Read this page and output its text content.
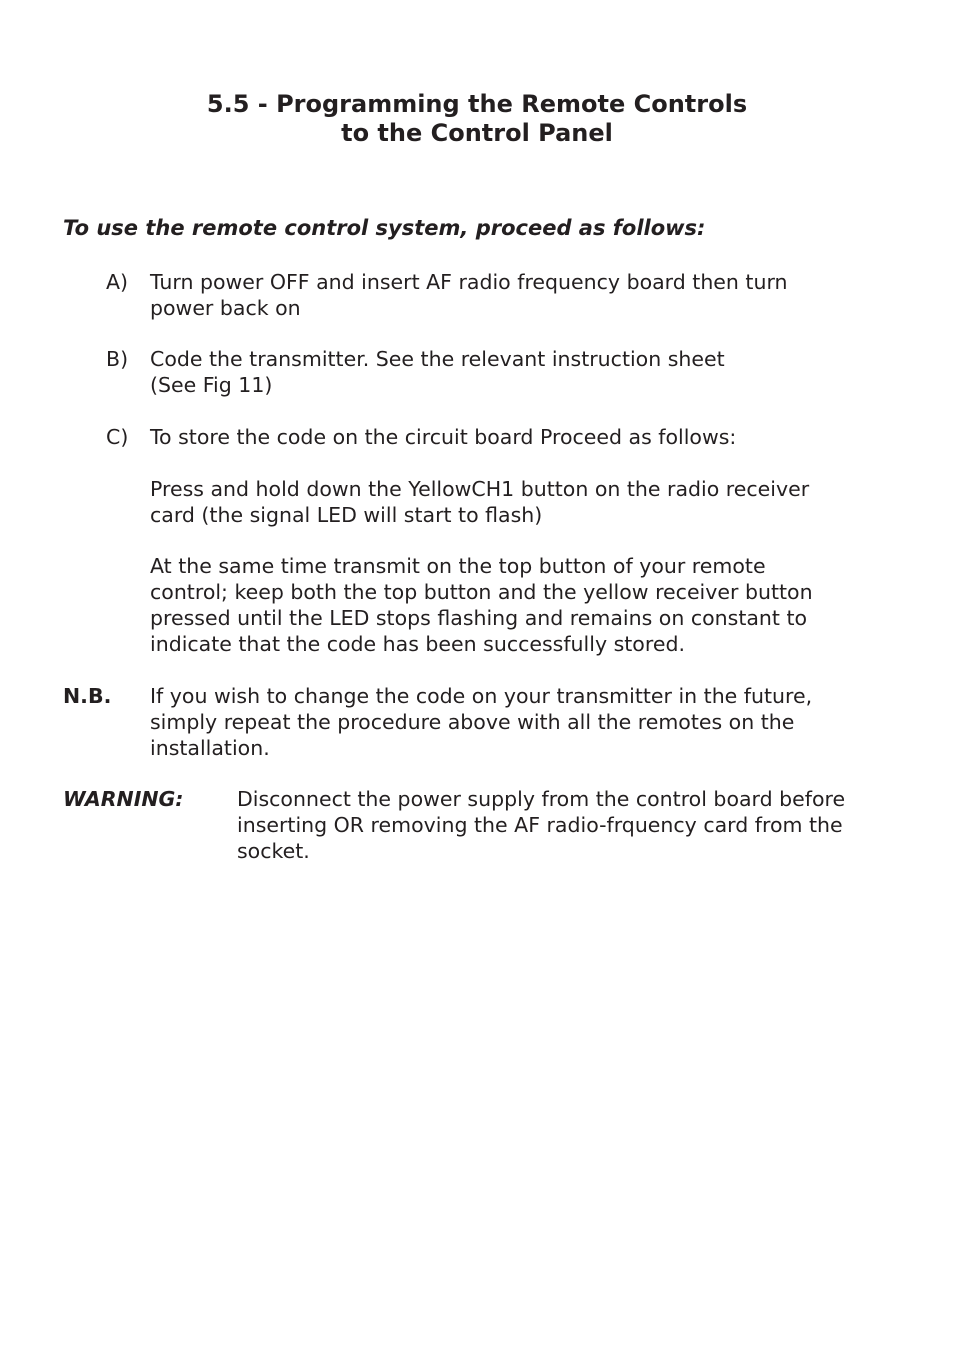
5.5 - Programming the Remote Controls
to the Control Panel

To use the remote control system, proceed as follows:

A) Turn power OFF and insert AF radio frequency board then turn
power back on
B) Code the transmitter. See the relevant instruction sheet
(See Fig 11)
C) To store the code on the circuit board Proceed as follows:
Press and hold down the YellowCH1 button on the radio receiver
card (the signal LED will start to flash)
At the same time transmit on the top button of your remote
control; keep both the top button and the yellow receiver button
pressed until the LED stops flashing and remains on constant to
indicate that the code has been successfully stored.
N.B. If you wish to change the code on your transmitter in the future,
simply repeat the procedure above with all the remotes on the
installation.
WARNING:	Disconnect the power supply from the control board before
inserting OR removing the AF radio-frquency card from the
socket.
